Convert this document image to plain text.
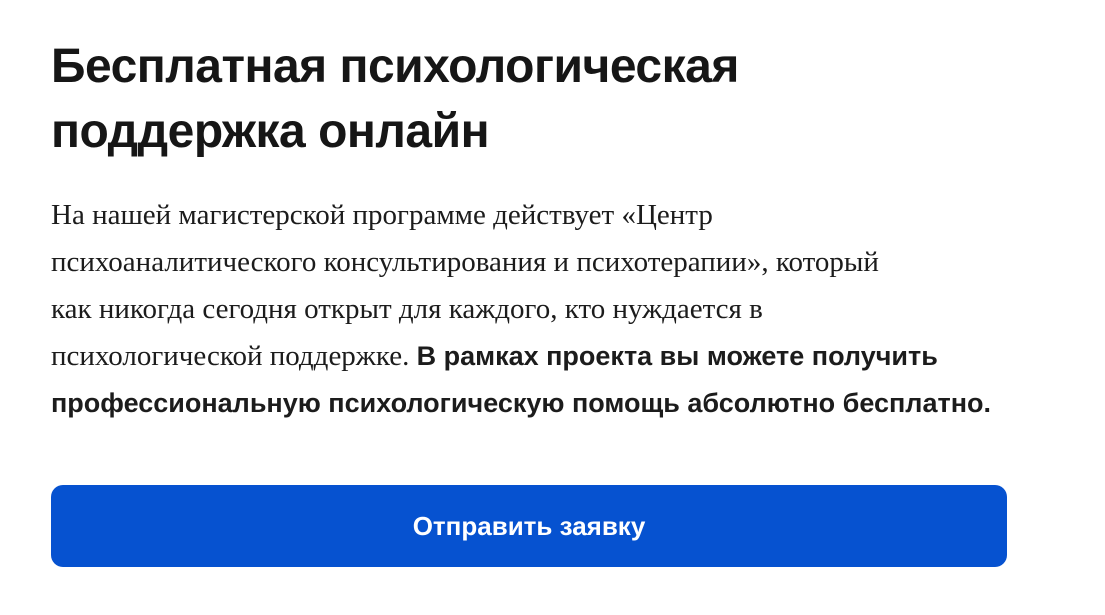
Бесплатная психологическая
поддержка онлайн

На нашей магистерской программе действует «Центр
психоаналитического консультирования и психотерапии», который
как никогда сегодня открыт для каждого, кто нуждается в
психологической поддержке. В рамках проекта вы можете получить
профессиональную психологическую помощь абсолютно бесплатно.

Отправить заявку
